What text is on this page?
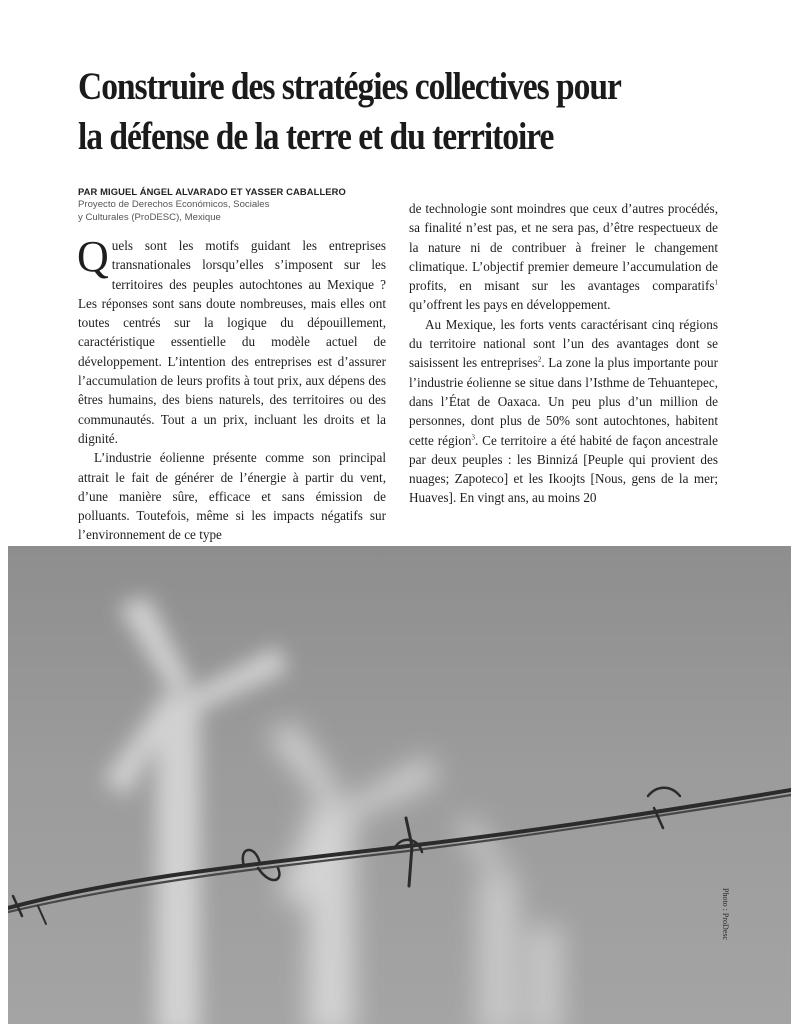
Construire des stratégies collectives pour la défense de la terre et du territoire
PAR MIGUEL ÁNGEL ALVARADO ET YASSER CABALLERO
Proyecto de Derechos Económicos, Sociales
y Culturales (ProDESC), Mexique

Quels sont les motifs guidant les entreprises transnationales lorsqu’elles s’imposent sur les territoires des peuples autochtones au Mexique ? Les réponses sont sans doute nombreuses, mais elles ont toutes centrés sur la logique du dépouillement, caractéristique essentielle du modèle actuel de développement. L’intention des entreprises est d’assurer l’accumulation de leurs profits à tout prix, aux dépens des êtres humains, des biens naturels, des territoires ou des communautés. Tout a un prix, incluant les droits et la dignité.

L’industrie éolienne présente comme son principal attrait le fait de générer de l’énergie à partir du vent, d’une manière sûre, efficace et sans émission de polluants. Toutefois, même si les impacts négatifs sur l’environnement de ce type

de technologie sont moindres que ceux d’autres procédés, sa finalité n’est pas, et ne sera pas, d’être respectueux de la nature ni de contribuer à freiner le changement climatique. L’objectif premier demeure l’accumulation de profits, en misant sur les avantages comparatifs$^1$ qu’offrent les pays en développement.

Au Mexique, les forts vents caractérisant cinq régions du territoire national sont l’un des avantages dont se saisissent les entreprises$^2$. La zone la plus importante pour l’industrie éolienne se situe dans l’Isthme de Tehuantepec, dans l’État de Oaxaca. Un peu plus d’un million de personnes, dont plus de 50% sont autochtones, habitent cette région$^3$. Ce territoire a été habité de façon ancestrale par deux peuples : les Binnizá [Peuple qui provient des nuages; Zapoteco] et les Ikoojts [Nous, gens de la mer; Huaves]. En vingt ans, au moins 20

Photo : ProDesc
